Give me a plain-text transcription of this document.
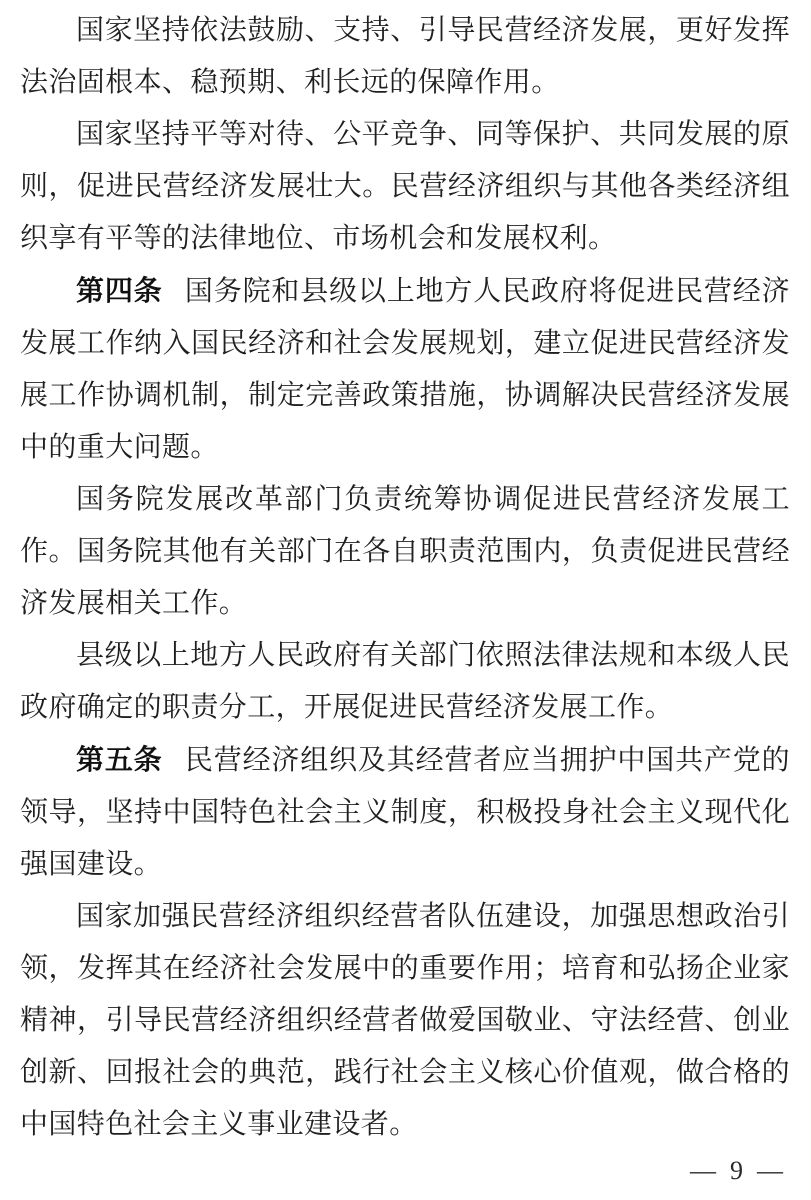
国家坚持依法鼓励、支持、引导民营经济发展，更好发挥法治固根本、稳预期、利长远的保障作用。

国家坚持平等对待、公平竞争、同等保护、共同发展的原则，促进民营经济发展壮大。民营经济组织与其他各类经济组织享有平等的法律地位、市场机会和发展权利。

第四条 国务院和县级以上地方人民政府将促进民营经济发展工作纳入国民经济和社会发展规划，建立促进民营经济发展工作协调机制，制定完善政策措施，协调解决民营经济发展中的重大问题。

国务院发展改革部门负责统筹协调促进民营经济发展工作。国务院其他有关部门在各自职责范围内，负责促进民营经济发展相关工作。

县级以上地方人民政府有关部门依照法律法规和本级人民政府确定的职责分工，开展促进民营经济发展工作。

第五条 民营经济组织及其经营者应当拥护中国共产党的领导，坚持中国特色社会主义制度，积极投身社会主义现代化强国建设。

国家加强民营经济组织经营者队伍建设，加强思想政治引领，发挥其在经济社会发展中的重要作用；培育和弘扬企业家精神，引导民营经济组织经营者做爱国敬业、守法经营、创业创新、回报社会的典范，践行社会主义核心价值观，做合格的中国特色社会主义事业建设者。

— 9 —
